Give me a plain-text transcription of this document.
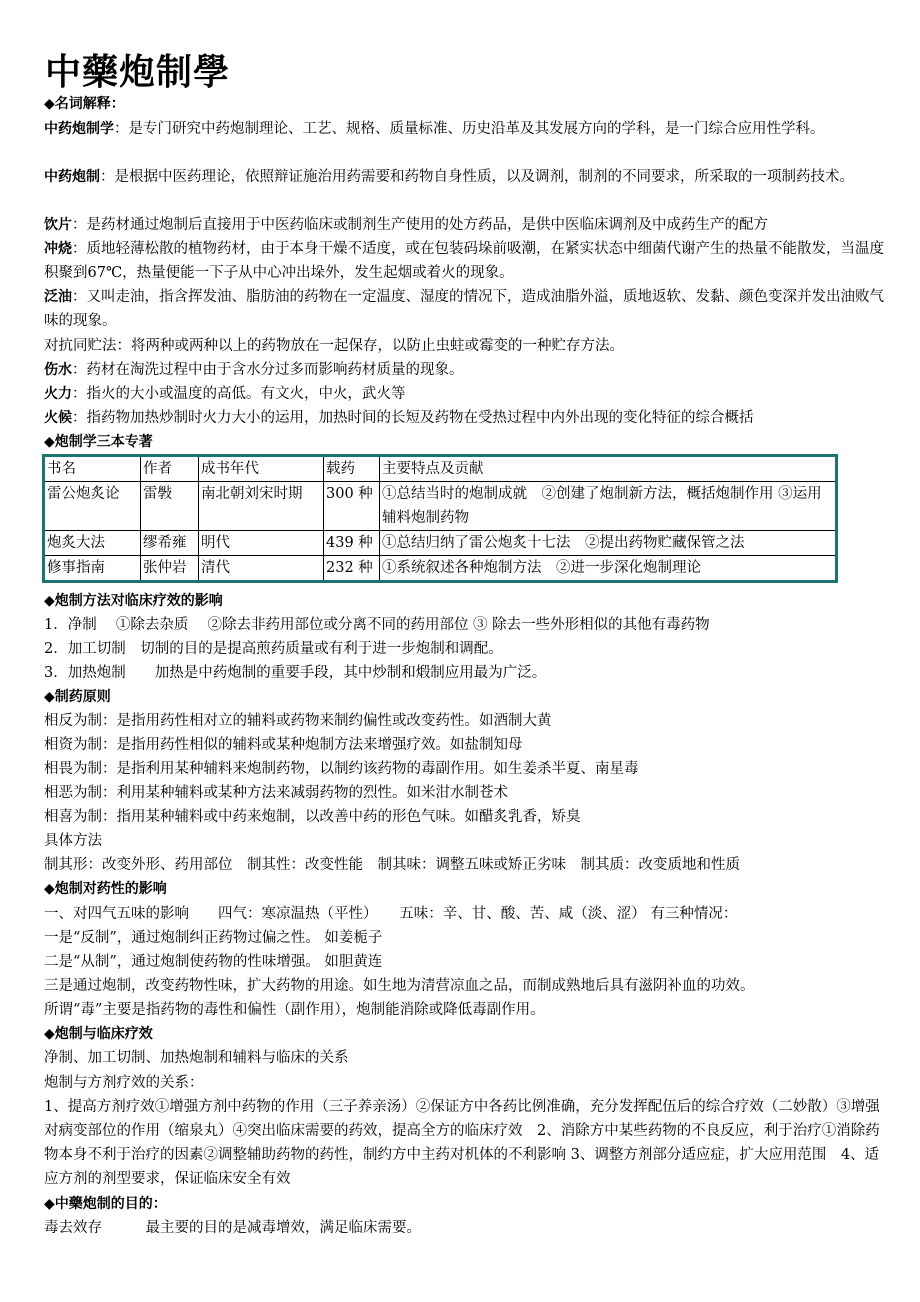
中藥炮制學
◆名词解释：
中药炮制学：是专门研究中药炮制理论、工艺、规格、质量标准、历史沿革及其发展方向的学科，是一门综合应用性学科。
中药炮制：是根据中医药理论，依照辩证施治用药需要和药物自身性质，以及调剂，制剂的不同要求，所采取的一项制药技术。
饮片：是药材通过炮制后直接用于中医药临床或制剂生产使用的处方药品，是供中医临床调剂及中成药生产的配方
冲烧：质地轻薄松散的植物药材，由于本身干燥不适度，或在包装码垛前吸潮，在紧实状态中细菌代谢产生的热量不能散发，当温度积聚到67℃，热量便能一下子从中心冲出垛外，发生起烟或着火的现象。
泛油：又叫走油，指含挥发油、脂肪油的药物在一定温度、湿度的情况下，造成油脂外溢，质地返软、发黏、颜色变深并发出油败气味的现象。
对抗同贮法：将两种或两种以上的药物放在一起保存，以防止虫蛀或霉变的一种贮存方法。
伤水：药材在淘洗过程中由于含水分过多而影响药材质量的现象。
火力：指火的大小或温度的高低。有文火，中火，武火等
火候：指药物加热炒制时火力大小的运用，加热时间的长短及药物在受热过程中内外出现的变化特征的综合概括
◆炮制学三本专著
书名	作者	成书年代	载药	主要特点及贡献
雷公炮炙论	雷斅	南北朝刘宋时期	300 种	①总结当时的炮制成就　②创建了炮制新方法，概括炮制作用 ③运用辅料炮制药物
炮炙大法	缪希雍	明代	439 种	①总结归纳了雷公炮炙十七法　②提出药物贮藏保管之法
修事指南	张仲岩	清代	232 种	①系统叙述各种炮制方法　②进一步深化炮制理论
◆炮制方法对临床疗效的影响
1．净制　 ①除去杂质　 ②除去非药用部位或分离不同的药用部位 ③ 除去一些外形相似的其他有毒药物
2．加工切制　切制的目的是提高煎药质量或有利于进一步炮制和调配。
3．加热炮制　　加热是中药炮制的重要手段，其中炒制和煅制应用最为广泛。
◆制药原则
相反为制：是指用药性相对立的辅料或药物来制约偏性或改变药性。如酒制大黄
相资为制：是指用药性相似的辅料或某种炮制方法来增强疗效。如盐制知母
相畏为制：是指利用某种辅料来炮制药物，以制约该药物的毒副作用。如生姜杀半夏、南星毒
相恶为制：利用某种辅料或某种方法来减弱药物的烈性。如米泔水制苍术
相喜为制：指用某种辅料或中药来炮制，以改善中药的形色气味。如醋炙乳香，矫臭
具体方法
制其形：改变外形、药用部位　制其性：改变性能　制其味：调整五味或矫正劣味　制其质：改变质地和性质
◆炮制对药性的影响
一、对四气五味的影响　　四气：寒凉温热（平性）　　五味：辛、甘、酸、苦、咸（淡、涩） 有三种情况：
一是“反制”，通过炮制纠正药物过偏之性。 如姜栀子
二是“从制”，通过炮制使药物的性味增强。 如胆黄连
三是通过炮制，改变药物性味，扩大药物的用途。如生地为清营凉血之品，而制成熟地后具有滋阴补血的功效。
所谓“毒”主要是指药物的毒性和偏性（副作用），炮制能消除或降低毒副作用。
◆炮制与临床疗效
净制、加工切制、加热炮制和辅料与临床的关系
炮制与方剂疗效的关系：
1、提高方剂疗效①增强方剂中药物的作用（三子养亲汤）②保证方中各药比例准确，充分发挥配伍后的综合疗效（二妙散）③增强对病变部位的作用（缩泉丸）④突出临床需要的药效，提高全方的临床疗效　2、消除方中某些药物的不良反应，利于治疗①消除药物本身不利于治疗的因素②调整辅助药物的药性，制约方中主药对机体的不利影响 3、调整方剂部分适应症，扩大应用范围　4、适应方剂的剂型要求，保证临床安全有效
◆中藥炮制的目的：
毒去效存　　　最主要的目的是减毒增效，满足临床需要。
